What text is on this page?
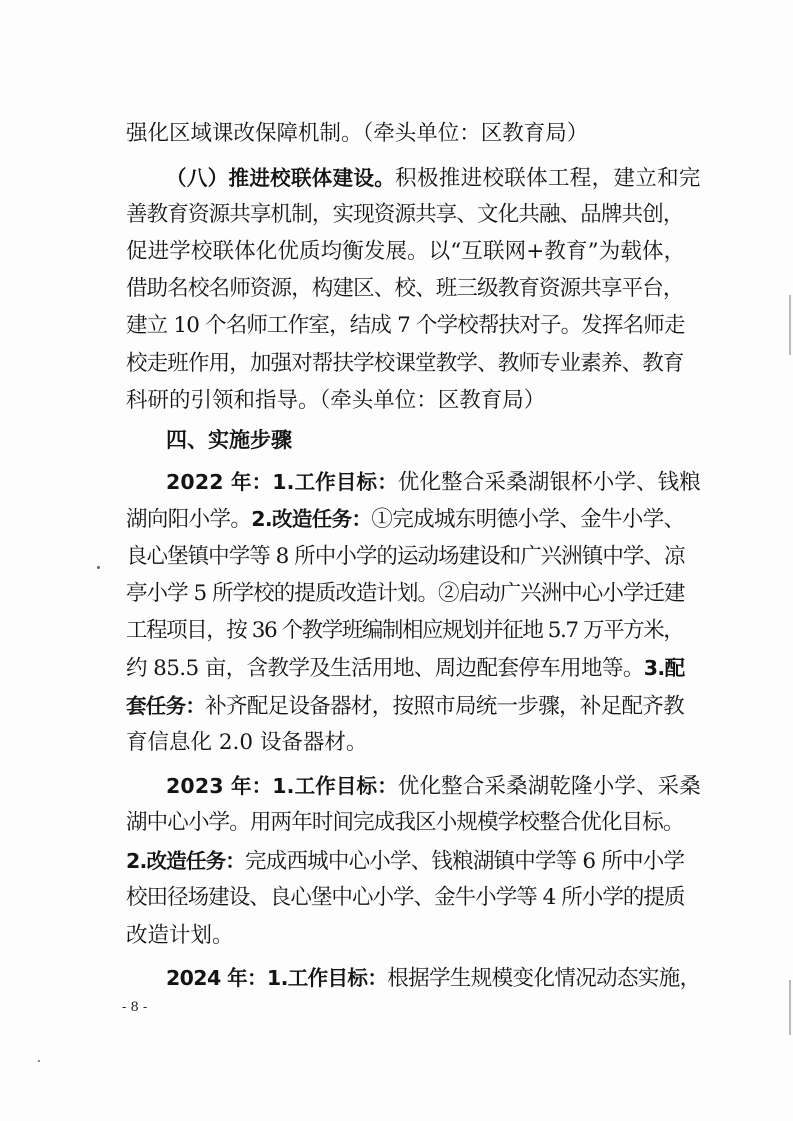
强化区域课改保障机制。（牵头单位：区教育局）
（八）推进校联体建设。积极推进校联体工程，建立和完
善教育资源共享机制，实现资源共享、文化共融、品牌共创，
促进学校联体化优质均衡发展。以“互联网+教育”为载体，
借助名校名师资源，构建区、校、班三级教育资源共享平台，
建立 10 个名师工作室，结成 7 个学校帮扶对子。发挥名师走
校走班作用，加强对帮扶学校课堂教学、教师专业素养、教育
科研的引领和指导。（牵头单位：区教育局）
四、实施步骤
2022 年：1.工作目标：优化整合采桑湖银杯小学、钱粮
湖向阳小学。2.改造任务：①完成城东明德小学、金牛小学、
良心堡镇中学等 8 所中小学的运动场建设和广兴洲镇中学、凉
亭小学 5 所学校的提质改造计划。②启动广兴洲中心小学迁建
工程项目，按 36 个教学班编制相应规划并征地 5.7 万平方米，
约 85.5 亩，含教学及生活用地、周边配套停车用地等。3.配
套任务：补齐配足设备器材，按照市局统一步骤，补足配齐教
育信息化 2.0 设备器材。
2023 年：1.工作目标：优化整合采桑湖乾隆小学、采桑
湖中心小学。用两年时间完成我区小规模学校整合优化目标。
2.改造任务：完成西城中心小学、钱粮湖镇中学等 6 所中小学
校田径场建设、良心堡中心小学、金牛小学等 4 所小学的提质
改造计划。
2024 年：1.工作目标：根据学生规模变化情况动态实施，
- 8 -
